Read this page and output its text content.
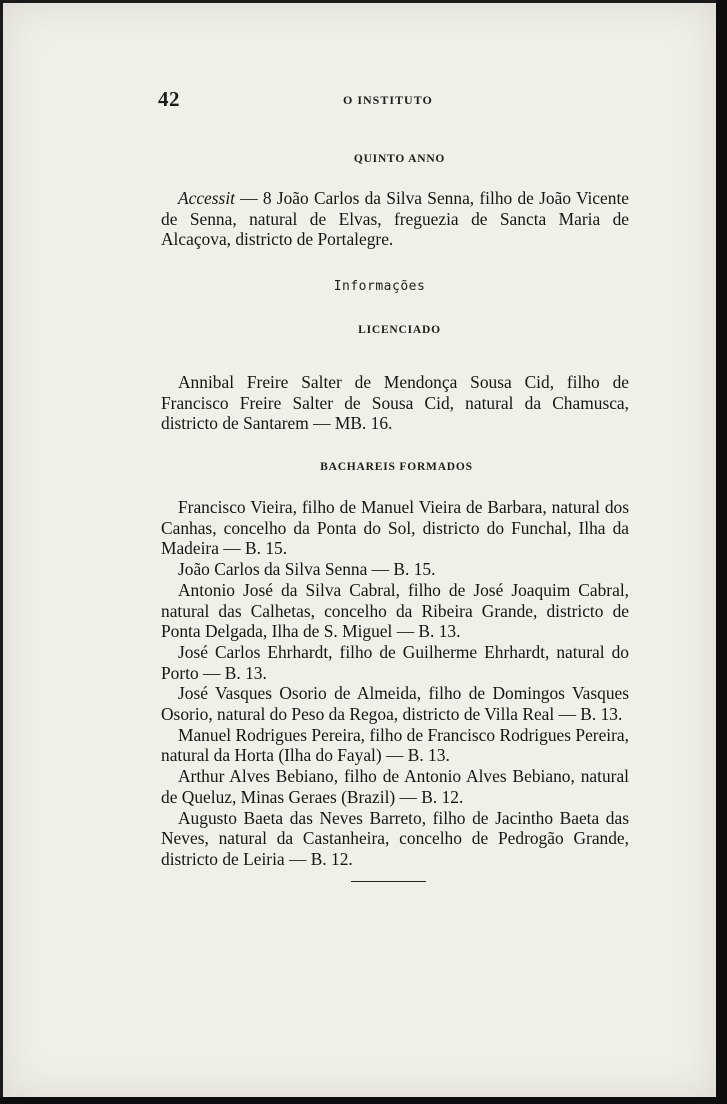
42	O INSTITUTO
QUINTO ANNO
Accessit — 8 João Carlos da Silva Senna, filho de João Vicente de Senna, natural de Elvas, freguezia de Sancta Maria de Alcaçova, districto de Portalegre.
Informações
LICENCIADO
Annibal Freire Salter de Mendonça Sousa Cid, filho de Francisco Freire Salter de Sousa Cid, natural da Chamusca, districto de Santarem — MB. 16.
BACHAREIS FORMADOS
Francisco Vieira, filho de Manuel Vieira de Barbara, natural dos Canhas, concelho da Ponta do Sol, districto do Funchal, Ilha da Madeira — B. 15.
João Carlos da Silva Senna — B. 15.
Antonio José da Silva Cabral, filho de José Joaquim Cabral, natural das Calhetas, concelho da Ribeira Grande, districto de Ponta Delgada, Ilha de S. Miguel — B. 13.
José Carlos Ehrhardt, filho de Guilherme Ehrhardt, natural do Porto — B. 13.
José Vasques Osorio de Almeida, filho de Domingos Vasques Osorio, natural do Peso da Regoa, districto de Villa Real — B. 13.
Manuel Rodrigues Pereira, filho de Francisco Rodrigues Pereira, natural da Horta (Ilha do Fayal) — B. 13.
Arthur Alves Bebiano, filho de Antonio Alves Bebiano, natural de Queluz, Minas Geraes (Brazil) — B. 12.
Augusto Baeta das Neves Barreto, filho de Jacintho Baeta das Neves, natural da Castanheira, concelho de Pedrogão Grande, districto de Leiria — B. 12.
